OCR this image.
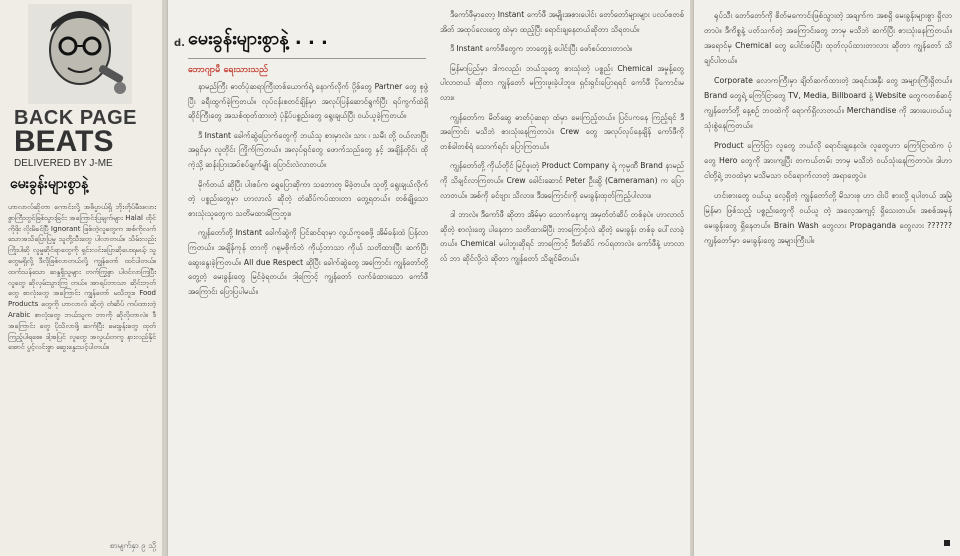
BACK PAGE
BEATS
DELIVERED BY J-ME
မေးခွန်းများစွာနဲ့
ဟာလာလ်ဆိုတာ ကောင်းလို့ အဓိပ္ပာယ်ရှိ ဘိုးတိုပ်မီးဖလားစွာကြီးတွင်ဖြစ်သွားခြင်း အကြောင်းပြချက်များ Halal ထိုင်ကိုဖိုး လိုးမိခင်ပြီ Ignorant ဖြစ်တဲ့လူတွေက အစ်ကိုလက်သောအသိပြောပြမှု သူတို့သီးတွေ ပါလာတယ်။ သိမ်းလည်းကြိုးပါဆို လူမှုဆိုင်ရာတွေကို ရှင်းလင်းပြောဆိုပေးရမယ့် သူတွေမရှိလို့ ဒီလိုဖြစ်လာတယ်လို့ ကျွန်တော် ထင်ပါတယ်။ ထက်သန်သော ဆန္ဒရှိသူများ တက်ကြွစွာ ပါဝင်လာကြပြီး လူတွေ ဆိုလှမ်းသွားကြ တယ်။ အာရပ်ဘာသာ ဆိုင်းဘုတ်တွေ စာလုံးတွေ အကြောင်း ကျွန်တော် မသိဘူး။ Food Products တွေကို ဟာလာလ် ဆိုတဲ့ တံဆိပ် ကပ်ထားတဲ့ Arabic စာလုံးတွေ ဘယ်သူက ဘာကို ဆိုလိုတာလဲ။ ဒီအကြောင်း တွေ ပိုသိလာဖို့ ဆက်ပြီး မေးခွန်းတွေ ထုတ်ကြည့်ပါရစေ။ ဒါ့အပြင် လူတွေ အလွယ်တကူ နားလည်နိုင်အောင် ပွင့်လင်းစွာ ဆွေးနွေးသင့်ပါတယ်။
စာမျက်နှာ ၉ သို့
d. မေးခွန်းများစွာနဲ့ . . .
ဘောဂျာမီ ရေးသားသည်

နာမည်ကြီး ဓာတ်ပုံဆရာကြီးတစ်ယောက်ရဲ့ နောက်လိုက် ပို့စ်တွေ Partner တွေ စုဖွဲ့ပြီး ခရီးထွက်ခဲ့ကြတယ်။ လုပ်ငန်းစတင်ချိန်မှာ အလုပ်ပြန်ဆောင်ရွက်ပြီး ရပ်ကွက်ထဲရှိ ဆိုင်ကြီးတွေ အသစ်ထုတ်ထားတဲ့ ပုံနှိပ်ပစ္စည်းတွေ ရွေးချယ်ပြီး ဝယ်ယူခဲ့ကြတယ်။

ဒီ Instant ခေါက်ဆွဲပြောက်တွေကို ဘယ်သူ စားမှာလဲ။ သား ၊ သမီး တို့ ဝယ်လာပြီး အရှင်မှာ လူတိုင်း ကြိုက်ကြတယ်။ အလုပ်ရှင်တွေ ဖောက်သည်တွေ နှင့် အချိန်တိုင်း ထိုကဲ့သို့ ဆန်းပြားအပ်စပ်ချက်မျိုး ပြောင်းလဲလာတယ်။

မိုက်တယ် ဆိုပြီး ပါးစပ်က ရွှေပြောဆိုကာ သဘောတူ မိခဲ့တယ်။ သူတို့ ရွေးချယ်လိုက်တဲ့ ပစ္စည်းတွေမှာ ဟာလာလ် ဆိုတဲ့ တံဆိပ်ကပ်ထားတာ တွေ့ရတယ်။ တစ်ချို့သော စားသုံးသူတွေက သတိမထားမိကြဘူး။

ကျွန်တော်တို့ Instant ခေါက်ဆွဲကို ပြင်ဆင်ရာမှာ လွယ်ကူစေဖို့ အိမ်ခန်းထဲ ပြန်လာကြတယ်။ အချိန်ကုန် တာကို ဂရုမစိုက်ဘဲ ကိုယ့်ဘာသာ ကိုယ် သတိထားပြီး ဆက်ပြီး ဆွေးနွေးခဲ့ကြတယ်။ All due Respect ဆိုပြီး ခေါက်ဆွဲတွေ အကြောင်း ကျွန်တော်တို့ တွေ့တဲ့ မေးခွန်းတွေ မြင်ခဲ့ရတယ်။ ဒါ့ကြောင့် ကျွန်တော် လက်ခံထားသော ကော်ဖီ အကြောင်း ပြောပြပါမယ်။

ဒီကော်ဖီမှာတော့ Instant ကော်ဖီ အမျိုးအစားပေါင်း တော်တော်များများ ပလပ်စတစ်အိတ် အထုပ်လေးတွေ ထဲမှာ ထည့်ပြီး ရောင်းချနေတယ်ဆိုတာ သိရတယ်။

ဒီ Instant ကော်ဖီတွေက ဘာတွေနဲ့ ပေါင်းပြီး ဖော်စပ်ထားတာလဲ။

မြန်မာပြည်မှာ ဒါကလည်း ဘယ်သူတွေ စားသုံးတဲ့ ပစ္စည်း Chemical အမှုန့်တွေ ပါလာတယ် ဆိုတာ ကျွန်တော် မကြားဖူးခဲ့ပါဘူး။ ရှင်းရှင်းပြောရရင် ကော်ဖီ ပိုကောင်းမလား။

ကျွန်တော်က မိတ်ဆွေ ဓာတ်ပုံဆရာ ထံမှာ မေးကြည့်တယ်။ ပြင်ပကနေ ကြည့်ရင် ဒီအကြောင်း မသိဘဲ စားသုံးနေကြတာပဲ။ Crew တွေ အလုပ်လုပ်နေချိန် ကော်ဖီကို တစ်ခါတစ်ရံ သောက်ရင်း ပြောကြတယ်။

ကျွန်တော်တို့ ကိုယ်တိုင် မြင်ဖူးတဲ့ Product Company ရဲ့ ကုမ္ပဏီ Brand နာမည်ကို သိချင်လာကြတယ်။ Crew ခေါင်းဆောင် Peter ဦးဆွိ (Cameraman) က ပြောလာတယ်။ အစ်ကို ခင်ဗျား သိလား။ ဒီအကြောင်းကို မေးခွန်းထုတ်ကြည့်ပါလား။

ဒါ ဘာလဲ။ ဒီကော်ဖီ ဆိုတာ အိမ်မှာ သောက်နေကျ အမှတ်တံဆိပ် တစ်ခုပဲ။ ဟာလာလ် ဆိုတဲ့ စာလုံးတွေ ပါနေတာ သတိထားမိပြီး ဘာကြောင့်လဲ ဆိုတဲ့ မေးခွန်း တစ်ခု ပေါ်လာခဲ့တယ်။ Chemical မပါဘူးဆိုရင် ဘာကြောင့် ဒီတံဆိပ် ကပ်ရတာလဲ။ ကော်ဖီနဲ့ ဟာလာလ် ဘာ ဆိုင်လို့လဲ ဆိုတာ ကျွန်တော် သိချင်မိတယ်။

ရုပ်သီး တော်တော်ကို စိတ်မကောင်းဖြစ်သွားတဲ့ အချက်က အစရှိ မေးခွန်းများစွာ ရှိလာတာပဲ။ ဒီကိစ္စနဲ့ ပတ်သက်တဲ့ အကြောင်းတွေ ဘာမှ မသိဘဲ ဆက်ပြီး စားသုံးနေကြတယ်။ အရောင်မှ Chemical တွေ ပေါင်းစပ်ပြီး ထုတ်လုပ်ထားတာလား ဆိုတာ ကျွန်တော် သိချင်ပါတယ်။

Corporate လောကကြီးမှာ ချိတ်ဆက်ထားတဲ့ အရင်းအနှီး တွေ အများကြီးရှိတယ်။ Brand တွေရဲ့ ကြော်ငြာတွေ TV, Media, Billboard နဲ့ Website တွေကတစ်ဆင့် ကျွန်တော်တို့ နေ့စဉ် ဘဝထဲကို ရောက်ရှိလာတယ်။ Merchandise ကို အားပေးဝယ်ယူ သုံးစွဲနေကြတယ်။

Product ကြော်ငြာ လူတွေ ဘယ်လို ရောင်းချနေလဲ။ လူတွေဟာ ကြော်ငြာထဲက ပုံတွေ Hero တွေကို အားကျပြီး တကယ်တမ်း ဘာမှ မသိဘဲ ဝယ်သုံးနေကြတာပဲ။ ဒါဟာ ငါတို့ရဲ့ ဘဝထဲမှာ မသိမသာ ဝင်ရောက်လာတဲ့ အရာတွေပဲ။

ဟင်းစားတွေ ဝယ်ယူ လေ့ရှိတဲ့ ကျွန်တော်တို့ မိသားစု ဟာ ငါးပိ စားလို့ ရပါတယ် အမြဲ မြန်မာ ဖြစ်သည့် ပစ္စည်းတွေကို ဝယ်ယူ တဲ့ အလေ့အကျင့် ရှိသေးတယ်။ အစစ်အမှန် မေးခွန်းတွေ ရှိနေတယ်။ Brain Wash တွေလား Propaganda တွေလား ?????? ကျွန်တော်မှာ မေးခွန်းတွေ အများကြီးပါ။
